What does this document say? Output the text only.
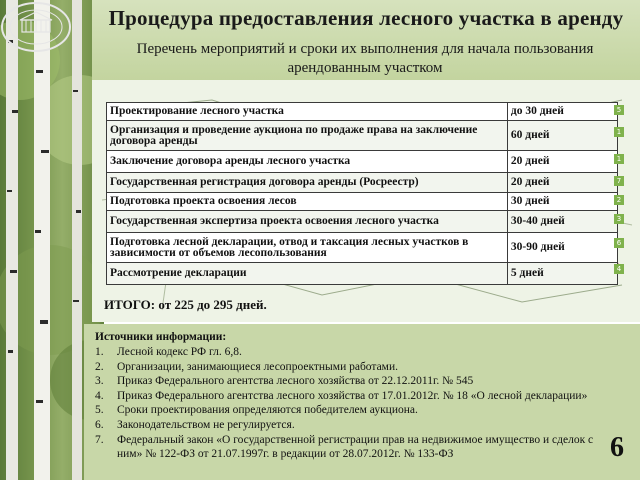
Процедура предоставления лесного участка в аренду
Перечень мероприятий и сроки их выполнения для начала пользования арендованным участком
Проектирование лесного участка	до 30 дней
Организация и проведение аукциона по продаже права на заключение договора аренды	60 дней
Заключение договора аренды лесного участка	20 дней
Государственная регистрация договора аренды (Росреестр)	20 дней
Подготовка проекта освоения лесов	30 дней
Государственная экспертиза проекта освоения лесного участка	30-40 дней
Подготовка лесной декларации, отвод и таксация лесных участков в зависимости от объемов лесопользования	30-90 дней
Рассмотрение декларации	5 дней
5
1
1
7
2
3
6
4
ИТОГО: от 225 до 295 дней.
Источники информации:
1. Лесной кодекс РФ гл. 6,8.
2. Организации, занимающиеся лесопроектными работами.
3. Приказ Федерального агентства лесного хозяйства от 22.12.2011г. № 545
4. Приказ Федерального агентства лесного хозяйства от 17.01.2012г. № 18 «О лесной декларации»
5. Сроки проектирования определяются победителем аукциона.
6. Законодательством не регулируется.
7. Федеральный закон «О государственной регистрации прав на недвижимое имущество и сделок с ним» № 122-ФЗ от 21.07.1997г. в редакции от 28.07.2012г. № 133-ФЗ	6
